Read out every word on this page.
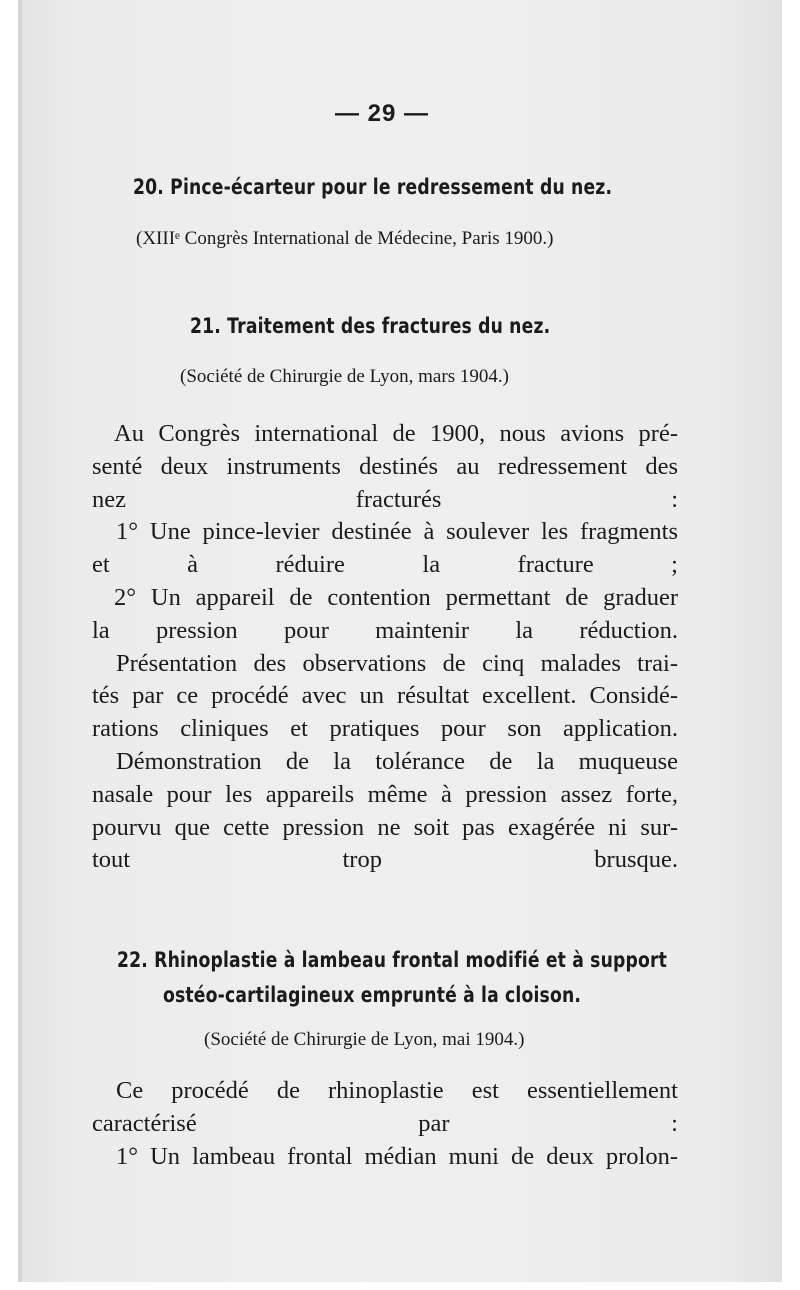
— 29 —
20. Pince-écarteur pour le redressement du nez.
(XIIIᵉ Congrès International de Médecine, Paris 1900.)
21. Traitement des fractures du nez.
(Société de Chirurgie de Lyon, mars 1904.)
Au Congrès international de 1900, nous avions pré-
senté deux instruments destinés au redressement des
nez fracturés :
1° Une pince-levier destinée à soulever les fragments
et à réduire la fracture ;
2° Un appareil de contention permettant de graduer
la pression pour maintenir la réduction.
Présentation des observations de cinq malades trai-
tés par ce procédé avec un résultat excellent. Considé-
rations cliniques et pratiques pour son application.
Démonstration de la tolérance de la muqueuse
nasale pour les appareils même à pression assez forte,
pourvu que cette pression ne soit pas exagérée ni sur-
tout trop brusque.
22. Rhinoplastie à lambeau frontal modifié et à support
ostéo-cartilagineux emprunté à la cloison.
(Société de Chirurgie de Lyon, mai 1904.)
Ce procédé de rhinoplastie est essentiellement
caractérisé par :
1° Un lambeau frontal médian muni de deux prolon-
